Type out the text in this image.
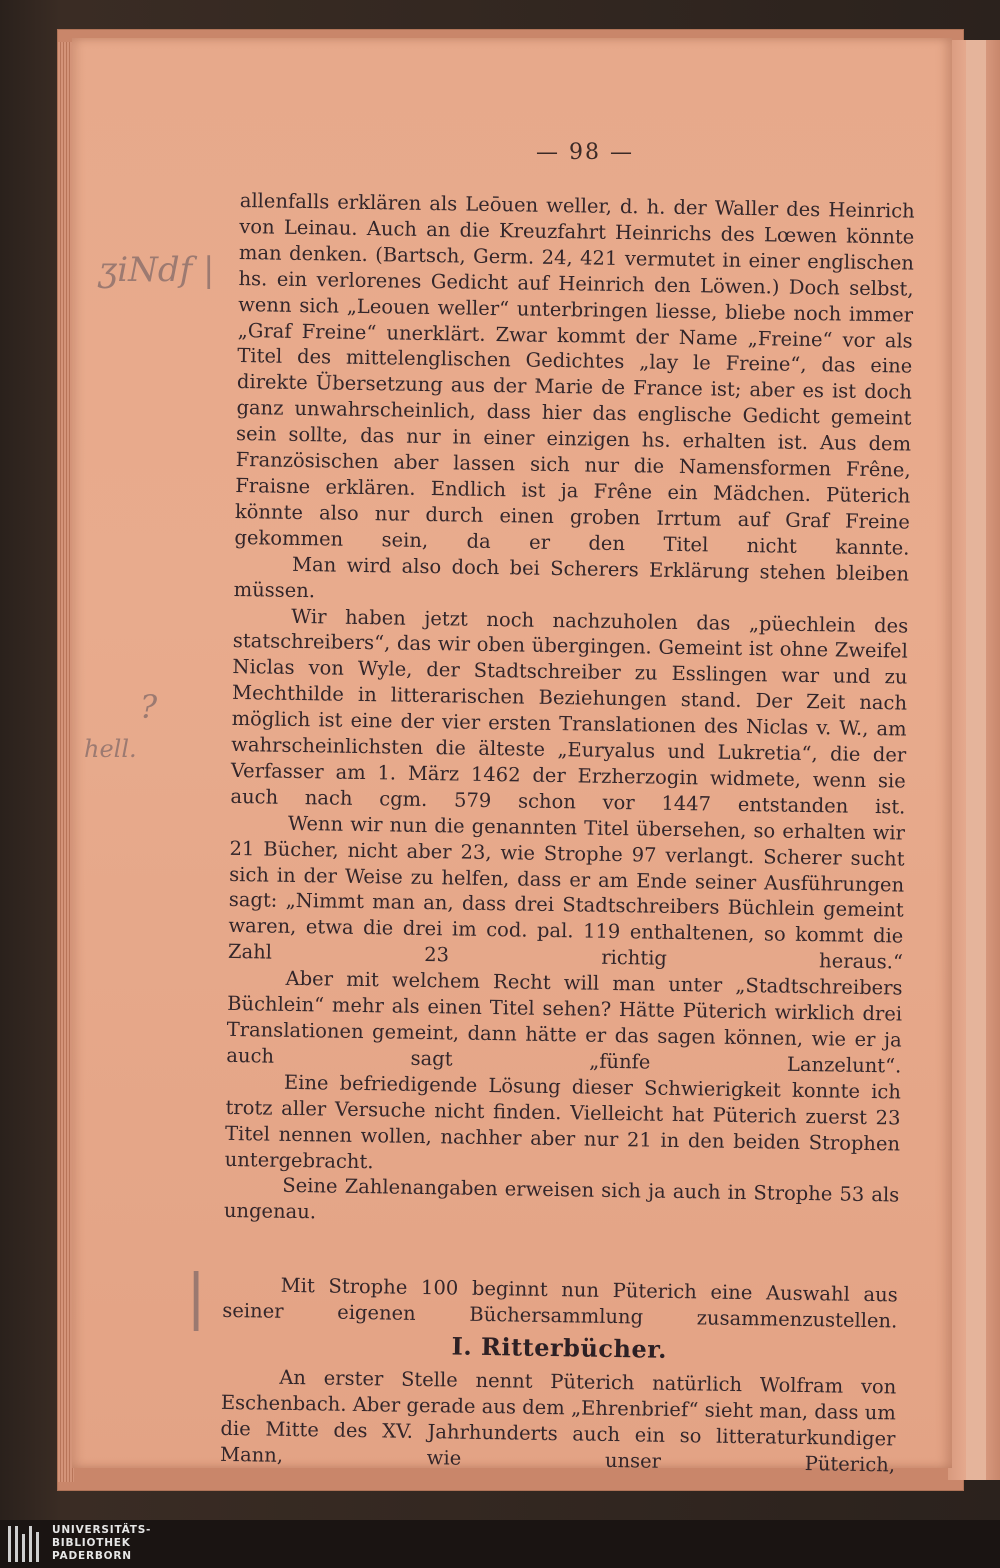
— 98 —

allenfalls erklären als Leōuen weller, d. h. der Waller des Heinrich von Leinau. Auch an die Kreuzfahrt Heinrichs des Lœwen könnte man denken. (Bartsch, Germ. 24, 421 vermutet in einer englischen hs. ein verlorenes Gedicht auf Heinrich den Löwen.) Doch selbst, wenn sich „Leouen weller“ unterbringen liesse, bliebe noch immer „Graf Freine“ unerklärt. Zwar kommt der Name „Freine“ vor als Titel des mittelenglischen Gedichtes „lay le Freine“, das eine direkte Übersetzung aus der Marie de France ist; aber es ist doch ganz unwahrscheinlich, dass hier das englische Gedicht gemeint sein sollte, das nur in einer einzigen hs. erhalten ist. Aus dem Französischen aber lassen sich nur die Namensformen Frêne, Fraisne erklären. Endlich ist ja Frêne ein Mädchen. Püterich könnte also nur durch einen groben Irrtum auf Graf Freine gekommen sein, da er den Titel nicht kannte.

Man wird also doch bei Scherers Erklärung stehen bleiben müssen.

Wir haben jetzt noch nachzuholen das „püechlein des statschreibers“, das wir oben übergingen. Gemeint ist ohne Zweifel Niclas von Wyle, der Stadtschreiber zu Esslingen war und zu Mechthilde in litterarischen Beziehungen stand. Der Zeit nach möglich ist eine der vier ersten Translationen des Niclas v. W., am wahrscheinlichsten die älteste „Euryalus und Lukretia“, die der Verfasser am 1. März 1462 der Erzherzogin widmete, wenn sie auch nach cgm. 579 schon vor 1447 entstanden ist.

Wenn wir nun die genannten Titel übersehen, so erhalten wir 21 Bücher, nicht aber 23, wie Strophe 97 verlangt. Scherer sucht sich in der Weise zu helfen, dass er am Ende seiner Ausführungen sagt: „Nimmt man an, dass drei Stadtschreibers Büchlein gemeint waren, etwa die drei im cod. pal. 119 enthaltenen, so kommt die Zahl 23 richtig heraus.“

Aber mit welchem Recht will man unter „Stadtschreibers Büchlein“ mehr als einen Titel sehen? Hätte Püterich wirklich drei Translationen gemeint, dann hätte er das sagen können, wie er ja auch sagt „fünfe Lanzelunt“.

Eine befriedigende Lösung dieser Schwierigkeit konnte ich trotz aller Versuche nicht finden. Vielleicht hat Püterich zuerst 23 Titel nennen wollen, nachher aber nur 21 in den beiden Strophen untergebracht.

Seine Zahlenangaben erweisen sich ja auch in Strophe 53 als ungenau.

Mit Strophe 100 beginnt nun Püterich eine Auswahl aus seiner eigenen Büchersammlung zusammenzustellen.

I. Ritterbücher.

An erster Stelle nennt Püterich natürlich Wolfram von Eschenbach. Aber gerade aus dem „Ehrenbrief“ sieht man, dass um die Mitte des XV. Jahrhunderts auch ein so litteraturkundiger Mann, wie unser Püterich,

ʒiNdf |
?
hell.
|
UNIVERSITÄTS-
BIBLIOTHEK
PADERBORN
